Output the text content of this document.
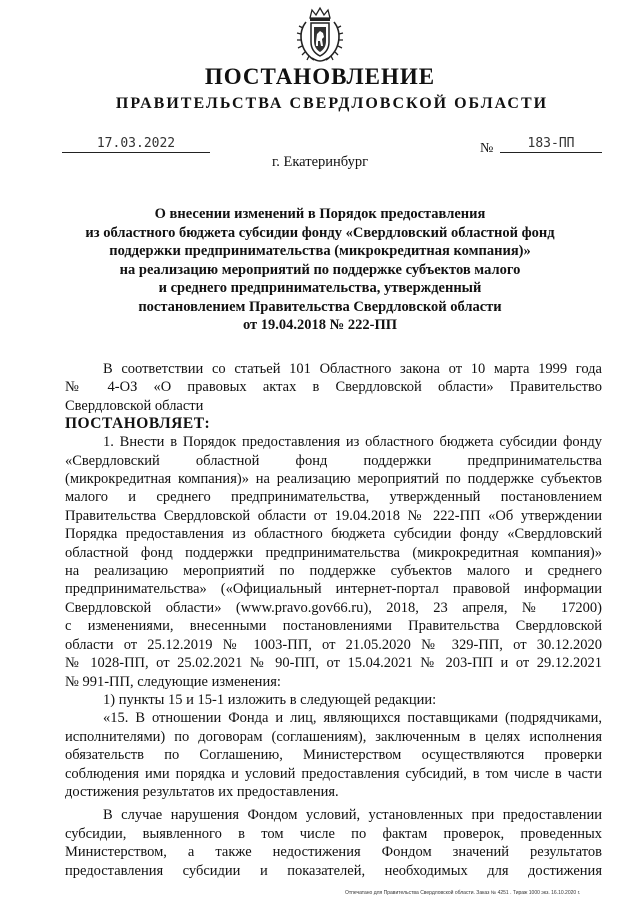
ПОСТАНОВЛЕНИЕ
ПРАВИТЕЛЬСТВА СВЕРДЛОВСКОЙ ОБЛАСТИ
17.03.2022	№	183-ПП
г. Екатеринбург
О внесении изменений в Порядок предоставления
из областного бюджета субсидии фонду «Свердловский областной фонд
поддержки предпринимательства (микрокредитная компания)»
на реализацию мероприятий по поддержке субъектов малого
и среднего предпринимательства, утвержденный
постановлением Правительства Свердловской области
от 19.04.2018 № 222-ПП
В соответствии со статьей 101 Областного закона от 10 марта 1999 года
№ 4-ОЗ «О правовых актах в Свердловской области» Правительство
Свердловской области
ПОСТАНОВЛЯЕТ:
1. Внести в Порядок предоставления из областного бюджета субсидии фонду
«Свердловский областной фонд поддержки предпринимательства
(микрокредитная компания)» на реализацию мероприятий по поддержке субъектов
малого и среднего предпринимательства, утвержденный постановлением
Правительства Свердловской области от 19.04.2018 № 222-ПП «Об утверждении
Порядка предоставления из областного бюджета субсидии фонду «Свердловский
областной фонд поддержки предпринимательства (микрокредитная компания)»
на реализацию мероприятий по поддержке субъектов малого и среднего
предпринимательства» («Официальный интернет-портал правовой информации
Свердловской области» (www.pravo.gov66.ru), 2018, 23 апреля, № 17200)
с изменениями, внесенными постановлениями Правительства Свердловской
области от 25.12.2019 № 1003-ПП, от 21.05.2020 № 329-ПП, от 30.12.2020
№ 1028-ПП, от 25.02.2021 № 90-ПП, от 15.04.2021 № 203-ПП и от 29.12.2021
№ 991-ПП, следующие изменения:
1) пункты 15 и 15-1 изложить в следующей редакции:
«15. В отношении Фонда и лиц, являющихся поставщиками (подрядчиками,
исполнителями) по договорам (соглашениям), заключенным в целях исполнения
обязательств по Соглашению, Министерством осуществляются проверки
соблюдения ими порядка и условий предоставления субсидий, в том числе в части
достижения результатов их предоставления.
В случае нарушения Фондом условий, установленных при предоставлении
субсидии, выявленного в том числе по фактам проверок, проведенных
Министерством, а также недостижения Фондом значений результатов
предоставления субсидии и показателей, необходимых для достижения
Отпечатано для Правительства Свердловской области. Заказ № 4251 . Тираж 1000 экз. 16.10.2020 г.
